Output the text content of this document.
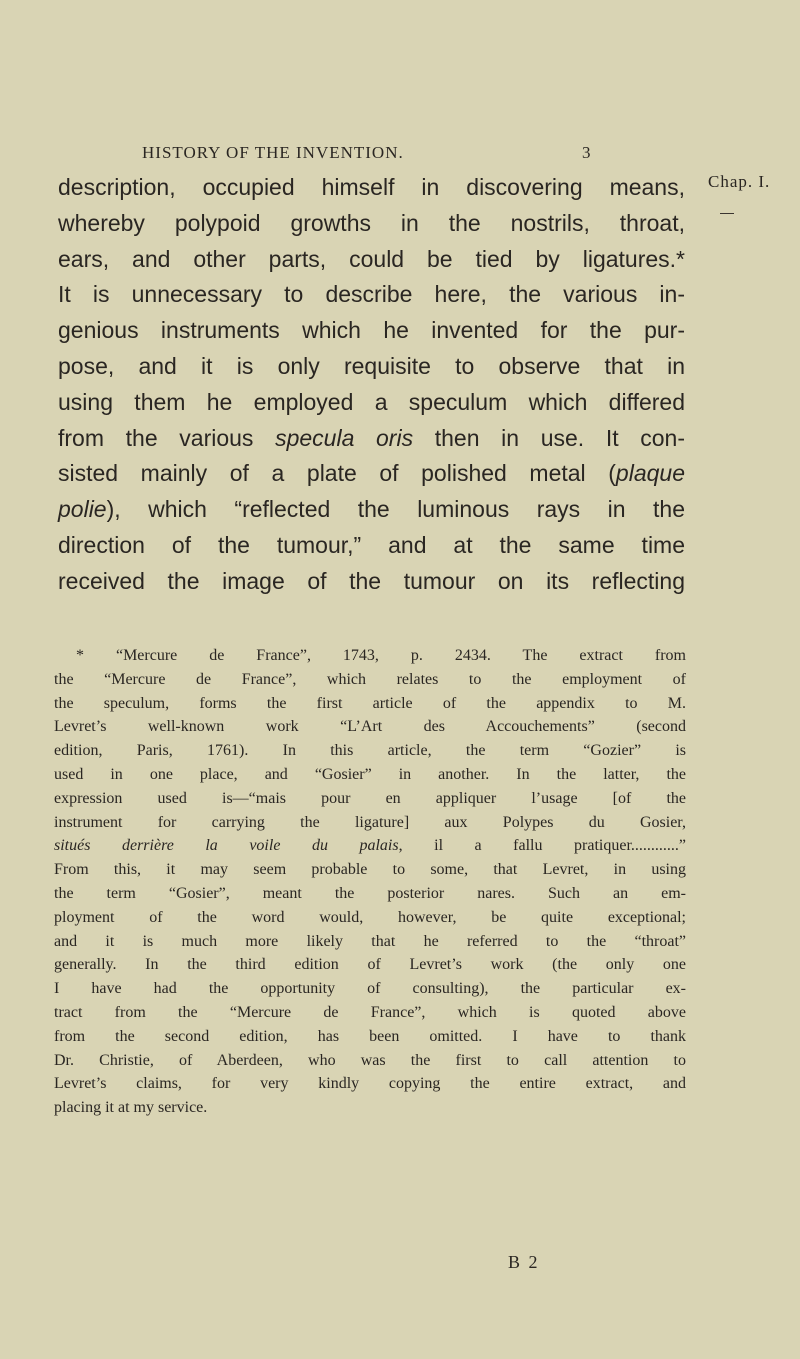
HISTORY OF THE INVENTION.	3
Chap. I.
description, occupied himself in discovering means,
whereby polypoid growths in the nostrils, throat,
ears, and other parts, could be tied by ligatures.*
It is unnecessary to describe here, the various in-
genious instruments which he invented for the pur-
pose, and it is only requisite to observe that in
using them he employed a speculum which differed
from the various specula oris then in use. It con-
sisted mainly of a plate of polished metal (plaque
polie), which “reflected the luminous rays in the
direction of the tumour,” and at the same time
received the image of the tumour on its reflecting
* “Mercure de France”, 1743, p. 2434. The extract from
the “Mercure de France”, which relates to the employment of
the speculum, forms the first article of the appendix to M.
Levret’s well-known work “L’Art des Accouchements” (second
edition, Paris, 1761). In this article, the term “Gozier” is
used in one place, and “Gosier” in another. In the latter, the
expression used is—“mais pour en appliquer l’usage [of the
instrument for carrying the ligature] aux Polypes du Gosier,
situés derrière la voile du palais, il a fallu pratiquer............”
From this, it may seem probable to some, that Levret, in using
the term “Gosier”, meant the posterior nares. Such an em-
ployment of the word would, however, be quite exceptional;
and it is much more likely that he referred to the “throat”
generally. In the third edition of Levret’s work (the only one
I have had the opportunity of consulting), the particular ex-
tract from the “Mercure de France”, which is quoted above
from the second edition, has been omitted. I have to thank
Dr. Christie, of Aberdeen, who was the first to call attention to
Levret’s claims, for very kindly copying the entire extract, and
placing it at my service.
B 2
